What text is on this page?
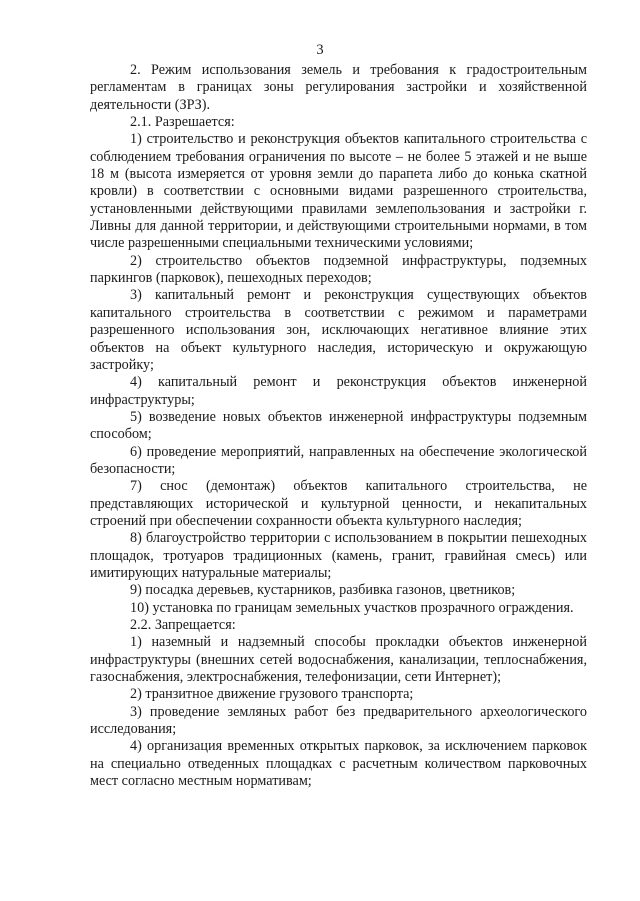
3

2. Режим использования земель и требования к градостроительным регламентам в границах зоны регулирования застройки и хозяйственной деятельности (ЗРЗ).

2.1. Разрешается:

1) строительство и реконструкция объектов капитального строительства с соблюдением требования ограничения по высоте – не более 5 этажей и не выше 18 м (высота измеряется от уровня земли до парапета либо до конька скатной кровли) в соответствии с основными видами разрешенного строительства, установленными действующими правилами землепользования и застройки г. Ливны для данной территории, и действующими строительными нормами, в том числе разрешенными специальными техническими условиями;

2) строительство объектов подземной инфраструктуры, подземных паркингов (парковок), пешеходных переходов;

3) капитальный ремонт и реконструкция существующих объектов капитального строительства в соответствии с режимом и параметрами разрешенного использования зон, исключающих негативное влияние этих объектов на объект культурного наследия, историческую и окружающую застройку;

4) капитальный ремонт и реконструкция объектов инженерной инфраструктуры;

5) возведение новых объектов инженерной инфраструктуры подземным способом;

6) проведение мероприятий, направленных на обеспечение экологической безопасности;

7) снос (демонтаж) объектов капитального строительства, не представляющих исторической и культурной ценности, и некапитальных строений при обеспечении сохранности объекта культурного наследия;

8) благоустройство территории с использованием в покрытии пешеходных площадок, тротуаров традиционных (камень, гранит, гравийная смесь) или имитирующих натуральные материалы;

9) посадка деревьев, кустарников, разбивка газонов, цветников;

10) установка по границам земельных участков прозрачного ограждения.

2.2. Запрещается:

1) наземный и надземный способы прокладки объектов инженерной инфраструктуры (внешних сетей водоснабжения, канализации, теплоснабжения, газоснабжения, электроснабжения, телефонизации, сети Интернет);

2) транзитное движение грузового транспорта;

3) проведение земляных работ без предварительного археологического исследования;

4) организация временных открытых парковок, за исключением парковок на специально отведенных площадках с расчетным количеством парковочных мест согласно местным нормативам;
